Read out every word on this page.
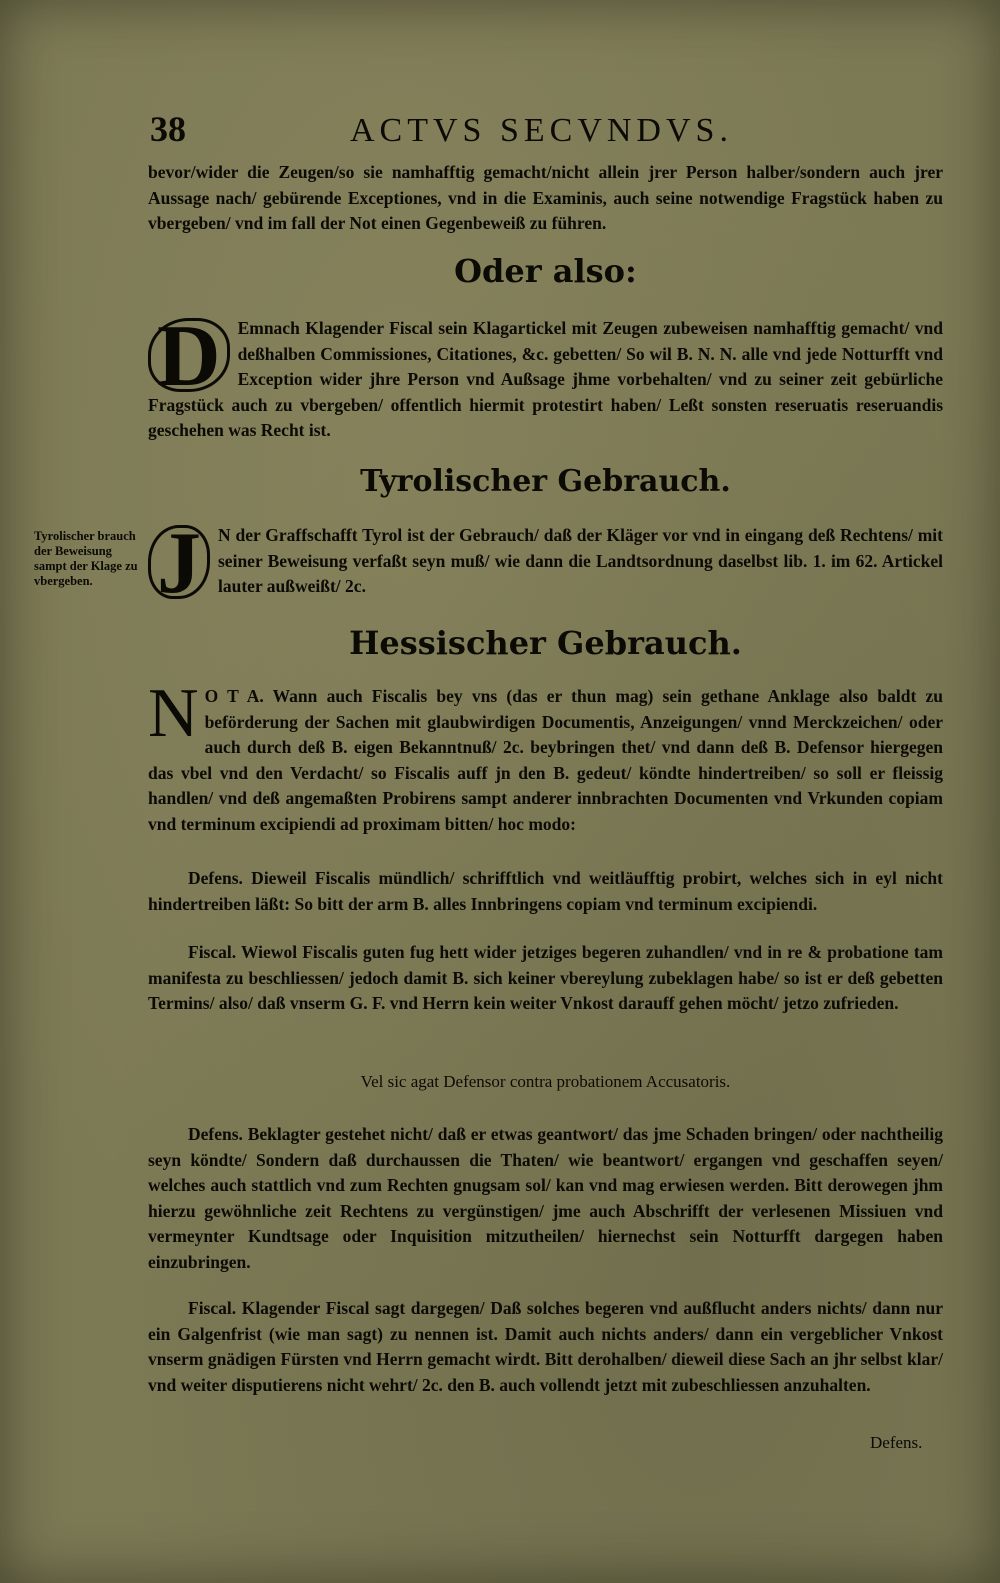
38	ACTVS SECVNDVS.
bevor/wider die Zeugen/so sie namhafftig gemacht/nicht allein jrer Person halber/sondern auch jrer Aussage nach/ gebürende Exceptiones, vnd in die Examinis, auch seine notwendige Fragstück haben zu vbergeben/ vnd im fall der Not einen Gegenbeweiß zu führen.
Oder also:
D Emnach Klagender Fiscal sein Klagartickel mit Zeugen zubeweisen namhafftig gemacht/ vnd deßhalben Commissiones, Citationes, &c. gebetten/ So wil B. N. N. alle vnd jede Notturfft vnd Exception wider jhre Person vnd Außsage jhme vorbehalten/ vnd zu seiner zeit gebürliche Fragstück auch zu vbergeben/ offentlich hiermit protestirt haben/ Leßt sonsten reseruatis reseruandis geschehen was Recht ist.
Tyrolischer Gebrauch.
Tyrolischer brauch der Beweisung sampt der Klage zu vbergeben. J N der Graffschafft Tyrol ist der Gebrauch/ daß der Kläger vor vnd in eingang deß Rechtens/ mit seiner Beweisung verfaßt seyn muß/ wie dann die Landtsordnung daselbst lib. 1. im 62. Artickel lauter außweißt/ 2c.
Hessischer Gebrauch.
N O T A. Wann auch Fiscalis bey vns (das er thun mag) sein gethane Anklage also baldt zu beförderung der Sachen mit glaubwirdigen Documentis, Anzeigungen/ vnnd Merckzeichen/ oder auch durch deß B. eigen Bekanntnuß/ 2c. beybringen thet/ vnd dann deß B. Defensor hiergegen das vbel vnd den Verdacht/ so Fiscalis auff jn den B. gedeut/ köndte hindertreiben/ so soll er fleissig handlen/ vnd deß angemaßten Probirens sampt anderer innbrachten Documenten vnd Vrkunden copiam vnd terminum excipiendi ad proximam bitten/ hoc modo:
Defens. Dieweil Fiscalis mündlich/ schrifftlich vnd weitläufftig probirt, welches sich in eyl nicht hindertreiben läßt: So bitt der arm B. alles Innbringens copiam vnd terminum excipiendi.
Fiscal. Wiewol Fiscalis guten fug hett wider jetziges begeren zuhandlen/ vnd in re & probatione tam manifesta zu beschliessen/ jedoch damit B. sich keiner vbereylung zubeklagen habe/ so ist er deß gebetten Termins/ also/ daß vnserm G. F. vnd Herrn kein weiter Vnkost darauff gehen möcht/ jetzo zufrieden.
Vel sic agat Defensor contra probationem Accusatoris.
Defens. Beklagter gestehet nicht/ daß er etwas geantwort/ das jme Schaden bringen/ oder nachtheilig seyn köndte/ Sondern daß durchaussen die Thaten/ wie beantwort/ ergangen vnd geschaffen seyen/ welches auch stattlich vnd zum Rechten gnugsam sol/ kan vnd mag erwiesen werden. Bitt derowegen jhm hierzu gewöhnliche zeit Rechtens zu vergünstigen/ jme auch Abschrifft der verlesenen Missiuen vnd vermeynter Kundtsage oder Inquisition mitzutheilen/ hiernechst sein Notturfft dargegen haben einzubringen.
Fiscal. Klagender Fiscal sagt dargegen/ Daß solches begeren vnd außflucht anders nichts/ dann nur ein Galgenfrist (wie man sagt) zu nennen ist. Damit auch nichts anders/ dann ein vergeblicher Vnkost vnserm gnädigen Fürsten vnd Herrn gemacht wirdt. Bitt derohalben/ dieweil diese Sach an jhr selbst klar/ vnd weiter disputierens nicht wehrt/ 2c. den B. auch vollendt jetzt mit zubeschliessen anzuhalten.
Defens.
